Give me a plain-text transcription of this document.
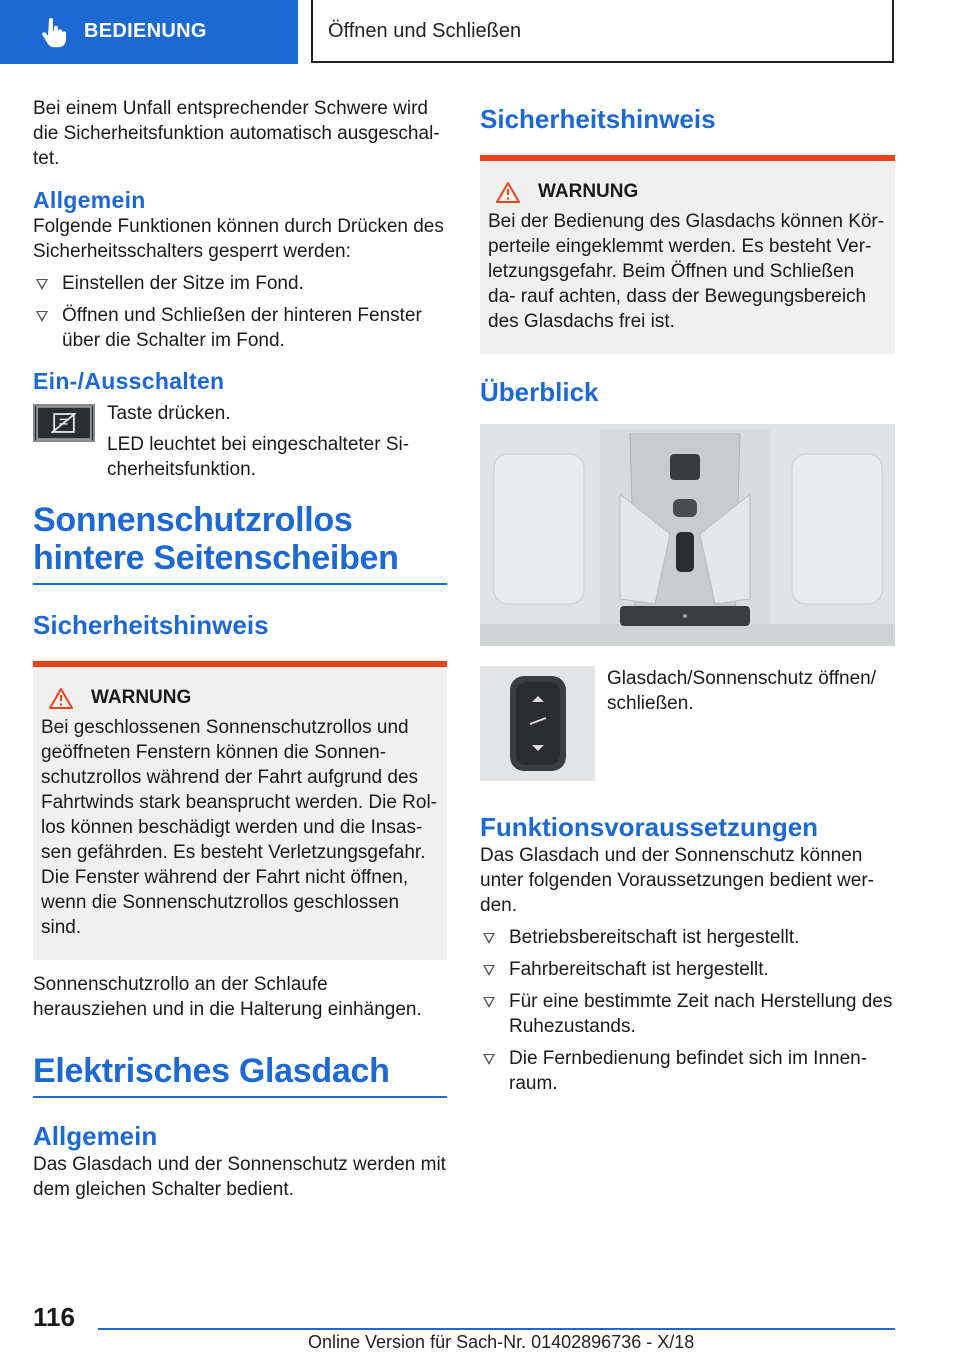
BEDIENUNG	Öffnen und Schließen

Bei einem Unfall entsprechender Schwere wird die Sicherheitsfunktion automatisch ausgeschal- tet.

Allgemein

Folgende Funktionen können durch Drücken des Sicherheitsschalters gesperrt werden:

Einstellen der Sitze im Fond.
Öffnen und Schließen der hinteren Fenster über die Schalter im Fond.
Ein-/Ausschalten

Taste drücken.

LED leuchtet bei eingeschalteter Si- cherheitsfunktion.

Sonnenschutzrollos hintere Seitenscheiben
Sicherheitshinweis
WARNUNG

Bei geschlossenen Sonnenschutzrollos und geöffneten Fenstern können die Sonnen- schutzrollos während der Fahrt aufgrund des Fahrtwinds stark beansprucht werden. Die Rol- los können beschädigt werden und die Insas- sen gefährden. Es besteht Verletzungsgefahr. Die Fenster während der Fahrt nicht öffnen, wenn die Sonnenschutzrollos geschlossen sind.

Sonnenschutzrollo an der Schlaufe herausziehen und in die Halterung einhängen.

Elektrisches Glasdach
Allgemein

Das Glasdach und der Sonnenschutz werden mit dem gleichen Schalter bedient.

Sicherheitshinweis
WARNUNG

Bei der Bedienung des Glasdachs können Kör- perteile eingeklemmt werden. Es besteht Ver- letzungsgefahr. Beim Öffnen und Schließen da- rauf achten, dass der Bewegungsbereich des Glasdachs frei ist.

Überblick

Glasdach/Sonnenschutz öffnen/ schließen.

Funktionsvoraussetzungen

Das Glasdach und der Sonnenschutz können unter folgenden Voraussetzungen bedient wer- den.

Betriebsbereitschaft ist hergestellt.
Fahrbereitschaft ist hergestellt.
Für eine bestimmte Zeit nach Herstellung des Ruhezustands.
Die Fernbedienung befindet sich im Innen- raum.
116
Online Version für Sach-Nr. 01402896736 - X/18
